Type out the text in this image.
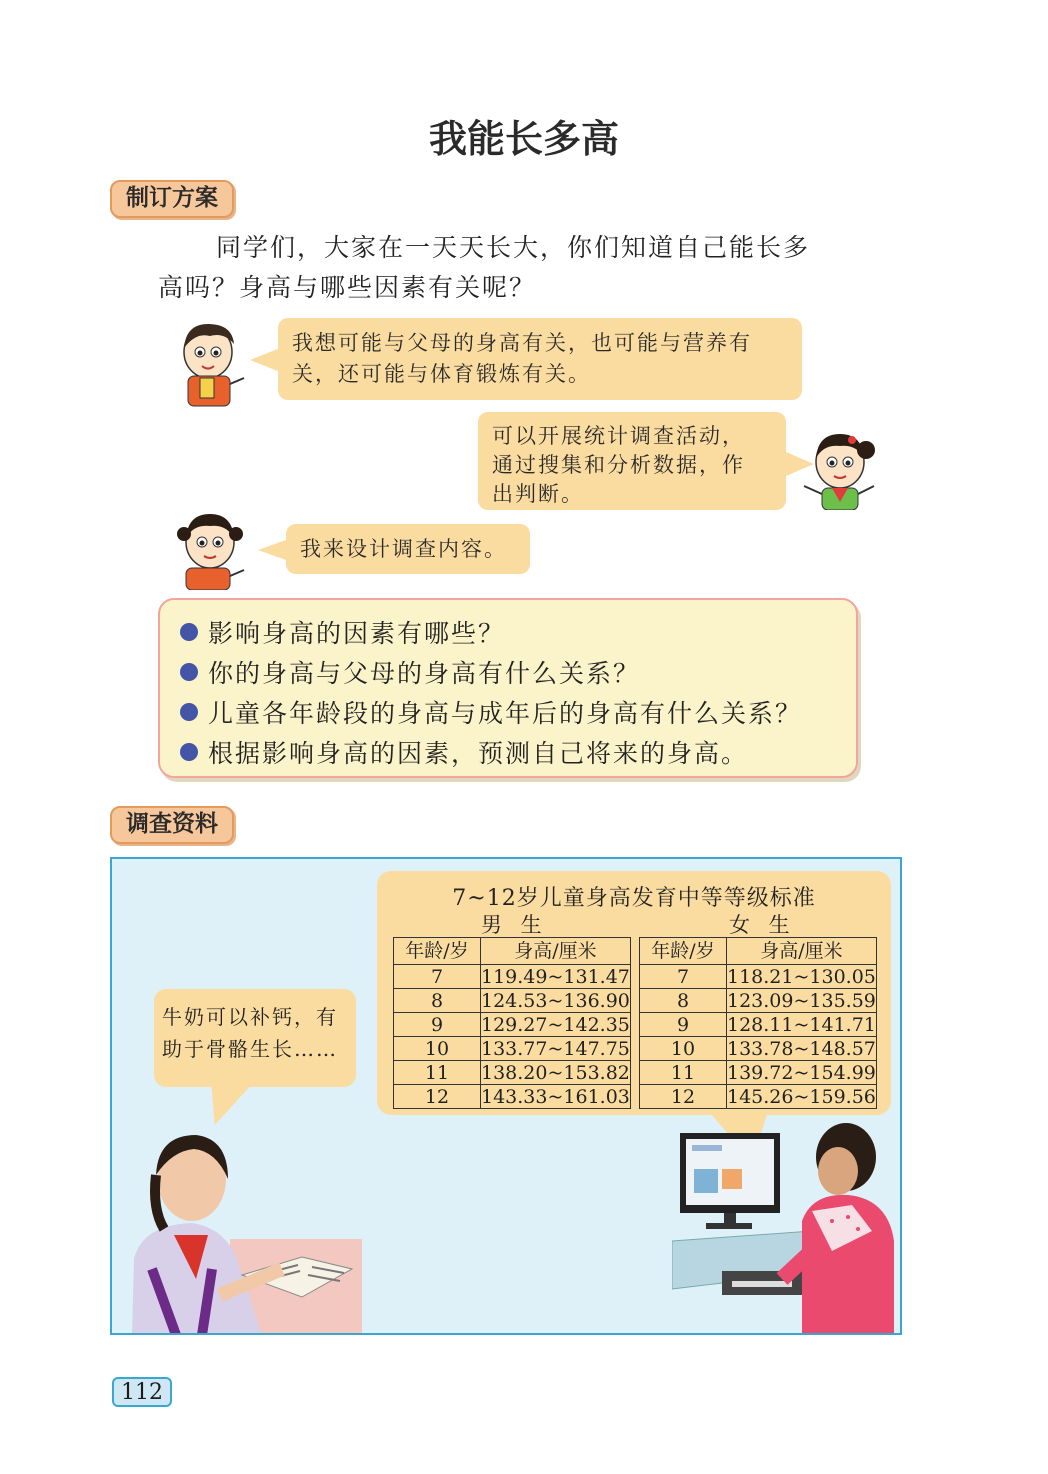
我能长多高
制订方案
同学们，大家在一天天长大，你们知道自己能长多
高吗？身高与哪些因素有关呢？
我想可能与父母的身高有关，也可能与营养有
关，还可能与体育锻炼有关。
可以开展统计调查活动，
通过搜集和分析数据，作
出判断。
我来设计调查内容。
影响身高的因素有哪些？
你的身高与父母的身高有什么关系？
儿童各年龄段的身高与成年后的身高有什么关系？
根据影响身高的因素，预测自己将来的身高。
调查资料
7~12岁儿童身高发育中等等级标准
男 生	女 生
年龄/岁	身高/厘米
7	119.49~131.47
8	124.53~136.90
9	129.27~142.35
10	133.77~147.75
11	138.20~153.82
12	143.33~161.03
年龄/岁	身高/厘米
7	118.21~130.05
8	123.09~135.59
9	128.11~141.71
10	133.78~148.57
11	139.72~154.99
12	145.26~159.56
牛奶可以补钙，有
助于骨骼生长……
112
